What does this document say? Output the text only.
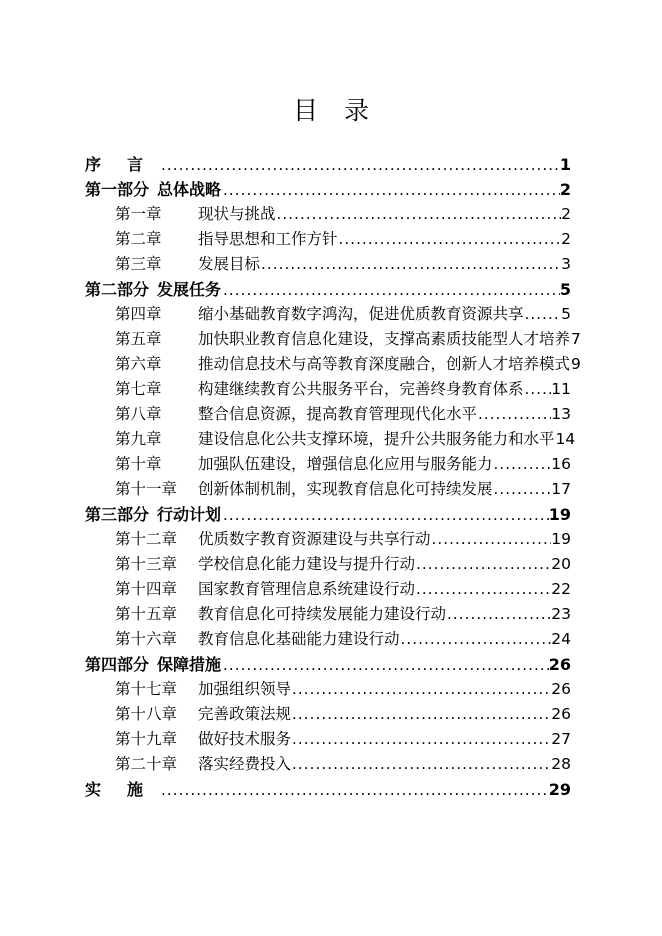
目 录
序 言 .....	1
第一部分 总体战略 .....	2
第一章	现状与挑战 .....	2
第二章	指导思想和工作方针 .....	2
第三章	发展目标 .....	3
第二部分 发展任务 .....	5
第四章	缩小基础教育数字鸿沟，促进优质教育资源共享 ..... 5
第五章	加快职业教育信息化建设，支撑高素质技能型人才培养 7
第六章	推动信息技术与高等教育深度融合，创新人才培养模式 9
第七章	构建继续教育公共服务平台，完善终身教育体系 ..... 11
第八章	整合信息资源，提高教育管理现代化水平 .....	13
第九章	建设信息化公共支撑环境，提升公共服务能力和水平 14
第十章	加强队伍建设，增强信息化应用与服务能力 .....	16
第十一章	创新体制机制，实现教育信息化可持续发展 .....	17
第三部分 行动计划 .....	19
第十二章	优质数字教育资源建设与共享行动 .....	19
第十三章	学校信息化能力建设与提升行动 .....	20
第十四章	国家教育管理信息系统建设行动 .....	22
第十五章	教育信息化可持续发展能力建设行动 .....	23
第十六章	教育信息化基础能力建设行动 .....	24
第四部分 保障措施 .....	26
第十七章	加强组织领导 .....	26
第十八章	完善政策法规 .....	26
第十九章	做好技术服务 .....	27
第二十章	落实经费投入 .....	28
实 施 .....	29
